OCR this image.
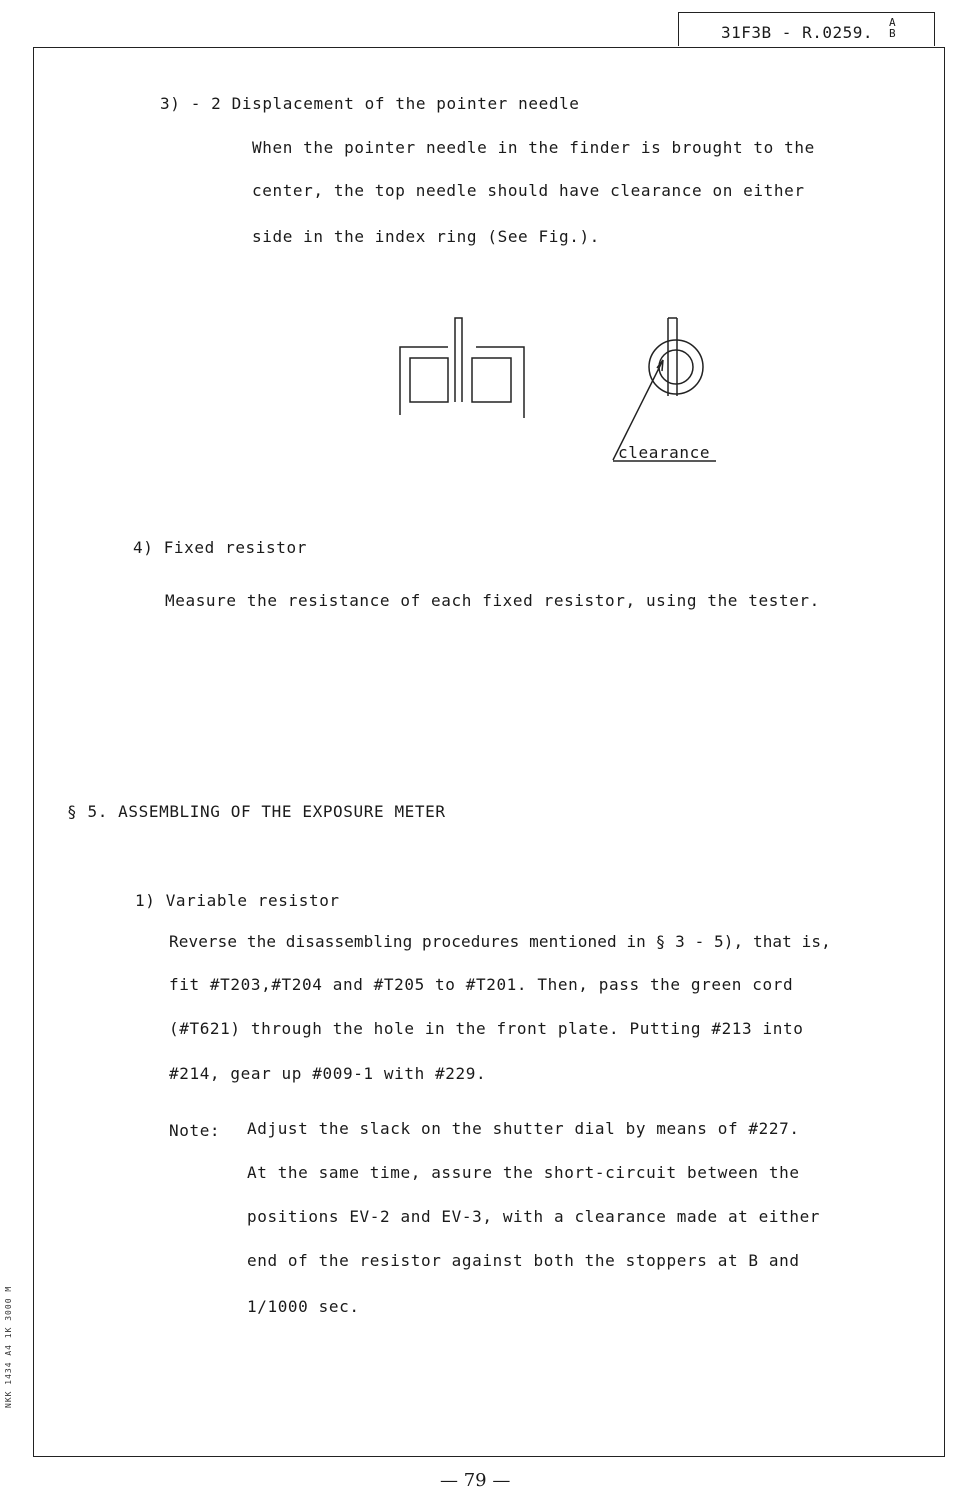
31F3B - R.0259.
A
B
3) - 2 Displacement of the pointer needle
When the pointer needle in the finder is brought to the
center, the top needle should have clearance on either
side in the index ring (See Fig.).
clearance
4) Fixed resistor
Measure the resistance of each fixed resistor, using the tester.
§ 5. ASSEMBLING OF THE EXPOSURE METER
1) Variable resistor
Reverse the disassembling procedures mentioned in § 3 - 5), that is,
fit #T203,#T204 and #T205 to #T201. Then, pass the green cord
(#T621) through the hole in the front plate. Putting #213 into
#214, gear up #009-1 with #229.
Note: Adjust the slack on the shutter dial by means of #227.
At the same time, assure the short-circuit between the
positions EV-2 and EV-3, with a clearance made at either
end of the resistor against both the stoppers at B and
1/1000 sec.
NKK 1434 A4 1K 3000 M
— 79 —
